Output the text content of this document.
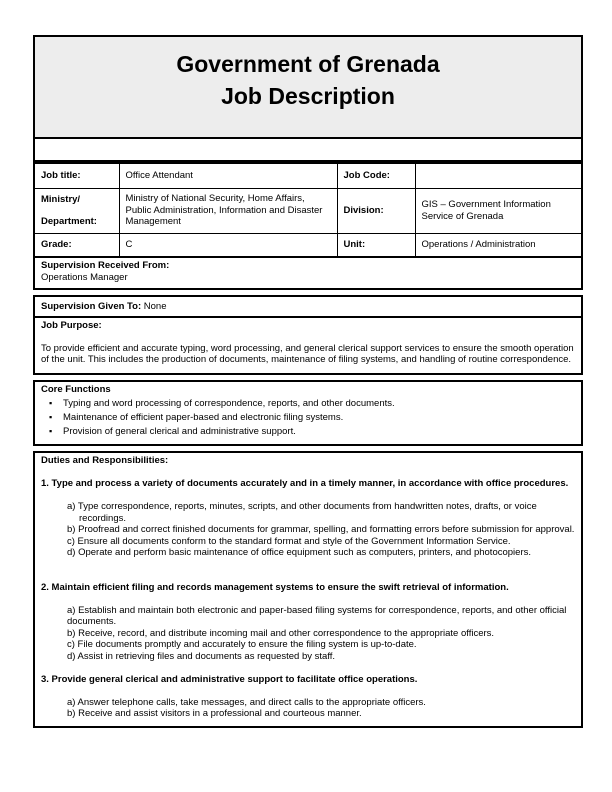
Government of Grenada
Job Description
Job title:	Office Attendant	Job Code:	

Ministry/
Department:	Ministry of National Security, Home Affairs, Public Administration, Information and Disaster Management	Division:	GIS – Government Information Service of Grenada
Grade:	C	Unit:	Operations / Administration
Supervision Received From:
Operations Manager
Supervision Given To: None
Job Purpose:
To provide efficient and accurate typing, word processing, and general clerical support services to ensure the smooth operation of the unit. This includes the production of documents, maintenance of filing systems, and handling of routine correspondence.
Core Functions
▪ Typing and word processing of correspondence, reports, and other documents.
▪ Maintenance of efficient paper-based and electronic filing systems.
▪ Provision of general clerical and administrative support.
Duties and Responsibilities:
1. Type and process a variety of documents accurately and in a timely manner, in accordance with office procedures.
a) Type correspondence, reports, minutes, scripts, and other documents from handwritten notes, drafts, or voice recordings.
b) Proofread and correct finished documents for grammar, spelling, and formatting errors before submission for approval.
c) Ensure all documents conform to the standard format and style of the Government Information Service.
d) Operate and perform basic maintenance of office equipment such as computers, printers, and photocopiers.
2. Maintain efficient filing and records management systems to ensure the swift retrieval of information.
a) Establish and maintain both electronic and paper-based filing systems for correspondence, reports, and other official documents.
b) Receive, record, and distribute incoming mail and other correspondence to the appropriate officers.
c) File documents promptly and accurately to ensure the filing system is up-to-date.
d) Assist in retrieving files and documents as requested by staff.
3. Provide general clerical and administrative support to facilitate office operations.
a) Answer telephone calls, take messages, and direct calls to the appropriate officers.
b) Receive and assist visitors in a professional and courteous manner.
